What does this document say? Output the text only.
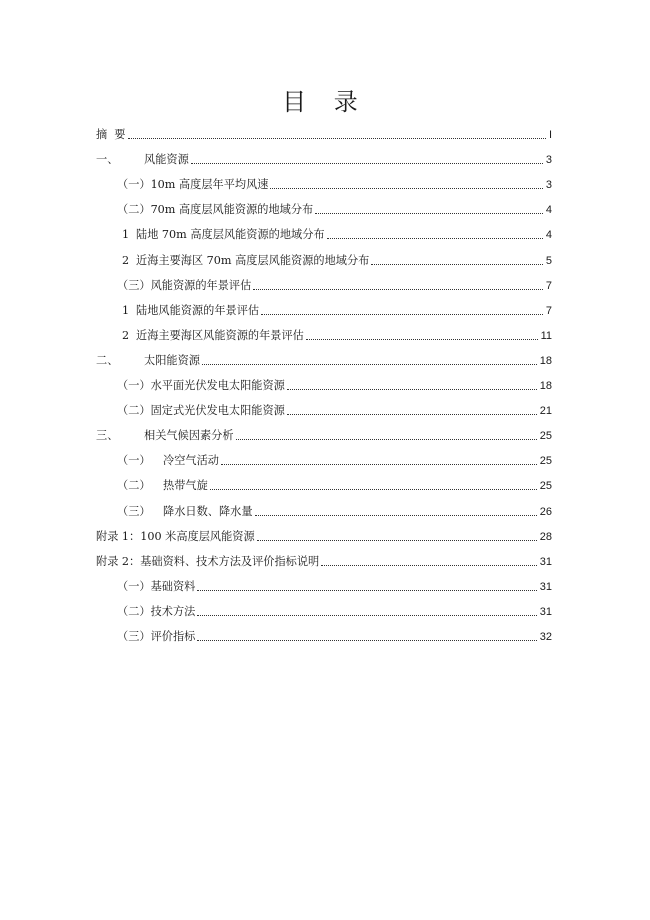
目 录
摘  要	I
一、	风能资源	3
（一）10m 高度层年平均风速	3
（二）70m 高度层风能资源的地域分布	4
1 陆地 70m 高度层风能资源的地域分布	4
2 近海主要海区 70m 高度层风能资源的地域分布	5
（三）风能资源的年景评估	7
1 陆地风能资源的年景评估	7
2 近海主要海区风能资源的年景评估	11
二、	太阳能资源	18
（一）水平面光伏发电太阳能资源	18
（二）固定式光伏发电太阳能资源	21
三、	相关气候因素分析	25
（一）	冷空气活动	25
（二）	热带气旋	25
（三）	降水日数、降水量	26
附录 1：100 米高度层风能资源	28
附录 2：基础资料、技术方法及评价指标说明	31
（一）基础资料	31
（二）技术方法	31
（三）评价指标	32
